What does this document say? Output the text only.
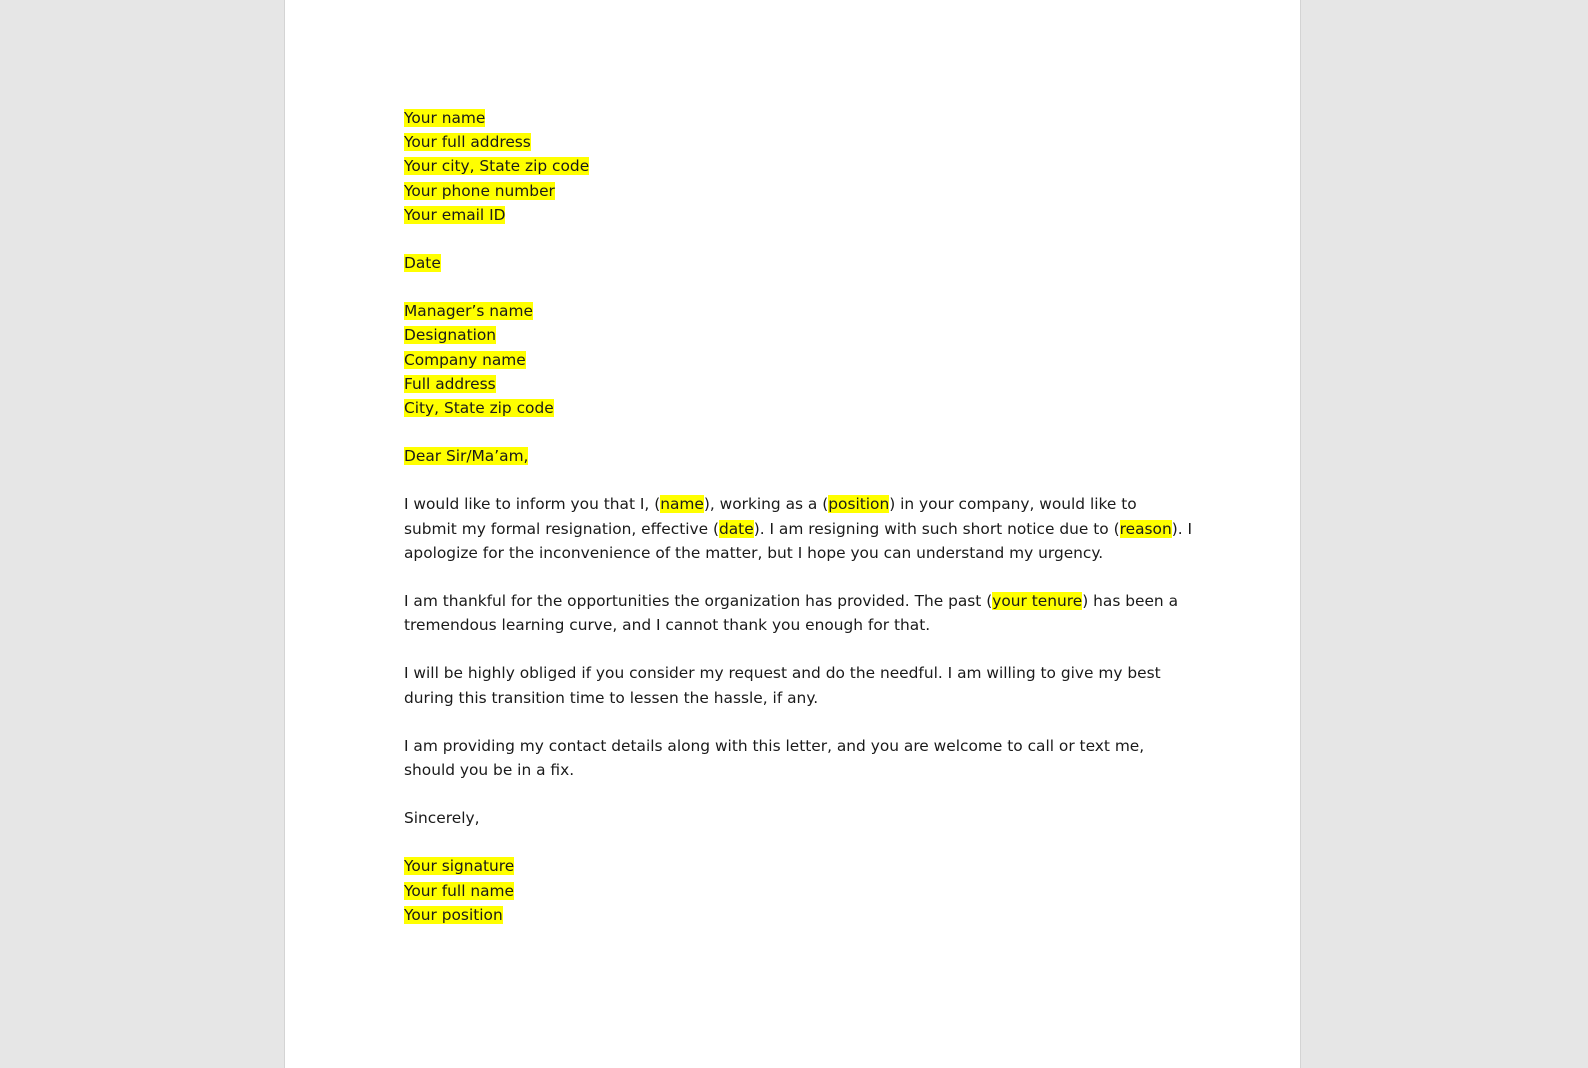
Your name
Your full address
Your city, State zip code
Your phone number
Your email ID
Date
Manager’s name
Designation
Company name
Full address
City, State zip code
Dear Sir/Ma’am,
I would like to inform you that I, (name), working as a (position) in your company, would like to submit my formal resignation, effective (date). I am resigning with such short notice due to (reason). I apologize for the inconvenience of the matter, but I hope you can understand my urgency.
I am thankful for the opportunities the organization has provided. The past (your tenure) has been a tremendous learning curve, and I cannot thank you enough for that.
I will be highly obliged if you consider my request and do the needful. I am willing to give my best during this transition time to lessen the hassle, if any.
I am providing my contact details along with this letter, and you are welcome to call or text me, should you be in a fix.
Sincerely,
Your signature
Your full name
Your position
